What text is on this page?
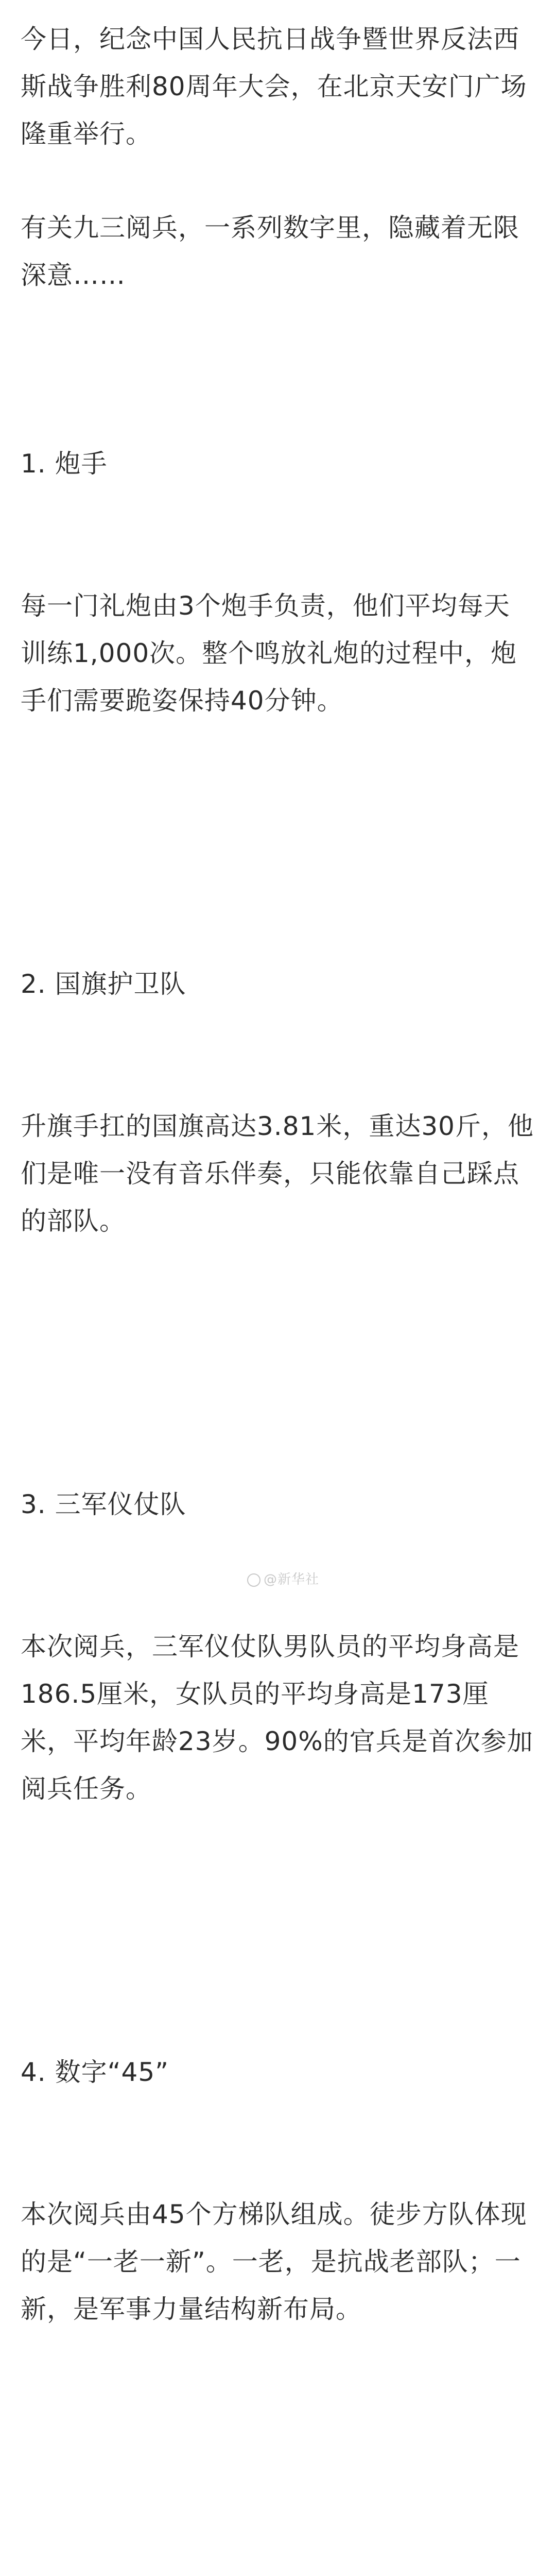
今日，纪念中国人民抗日战争暨世界反法西斯战争胜利80周年大会，在北京天安门广场隆重举行。

有关九三阅兵，一系列数字里，隐藏着无限深意……

1. 炮手

每一门礼炮由3个炮手负责，他们平均每天训练1,000次。整个鸣放礼炮的过程中，炮手们需要跪姿保持40分钟。

2. 国旗护卫队

升旗手扛的国旗高达3.81米，重达30斤，他们是唯一没有音乐伴奏，只能依靠自己踩点的部队。

3. 三军仪仗队

本次阅兵，三军仪仗队男队员的平均身高是186.5厘米，女队员的平均身高是173厘米，平均年龄23岁。90%的官兵是首次参加阅兵任务。

4. 数字“45”

本次阅兵由45个方梯队组成。徒步方队体现的是“一老一新”。一老，是抗战老部队；一新，是军事力量结构新布局。

@新华社
